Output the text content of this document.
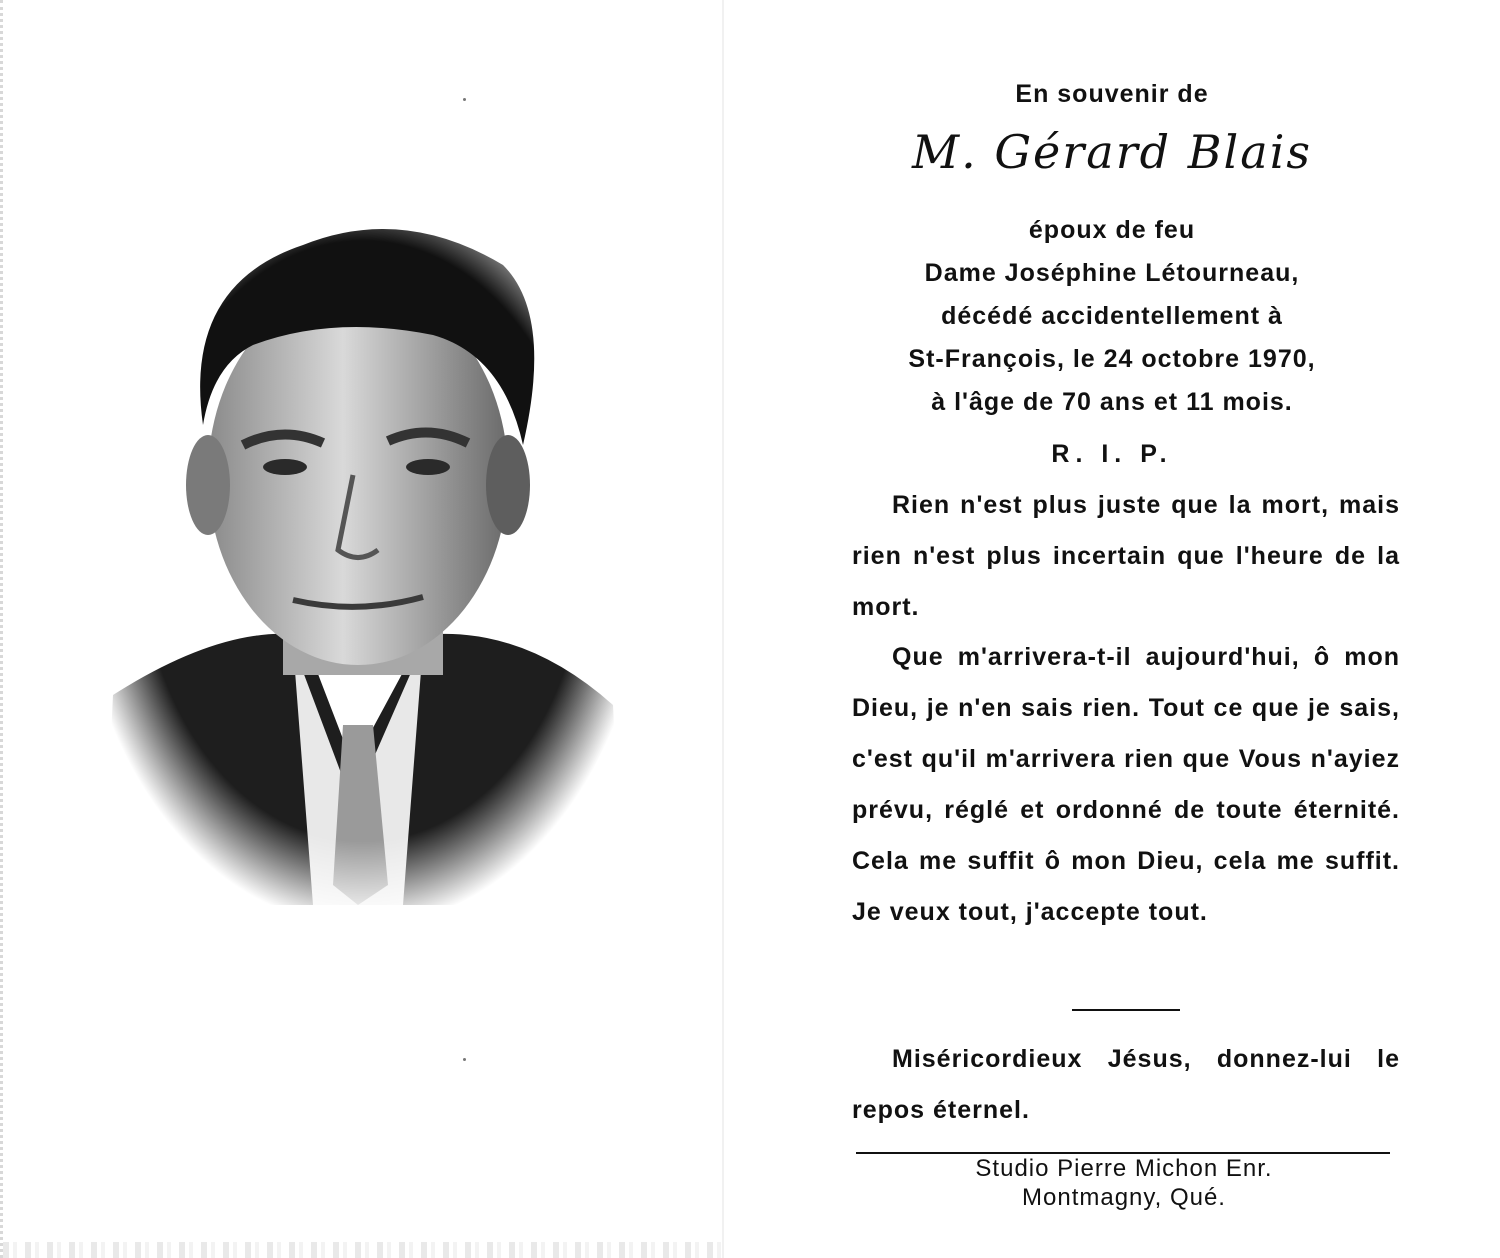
En souvenir de
M. Gérard Blais
époux de feu
Dame Joséphine Létourneau,
décédé accidentellement à
St-François, le 24 octobre 1970,
à l'âge de 70 ans et 11 mois.
R. I. P.

Rien n'est plus juste que la mort, mais rien n'est plus incertain que l'heure de la mort.

Que m'arrivera-t-il aujourd'hui, ô mon Dieu, je n'en sais rien. Tout ce que je sais, c'est qu'il m'arrivera rien que Vous n'ayiez prévu, réglé et ordonné de toute éternité. Cela me suffit ô mon Dieu, cela me suffit. Je veux tout, j'accepte tout.

Miséricordieux Jésus, donnez-lui le repos éternel.

Studio Pierre Michon Enr.
Montmagny, Qué.
